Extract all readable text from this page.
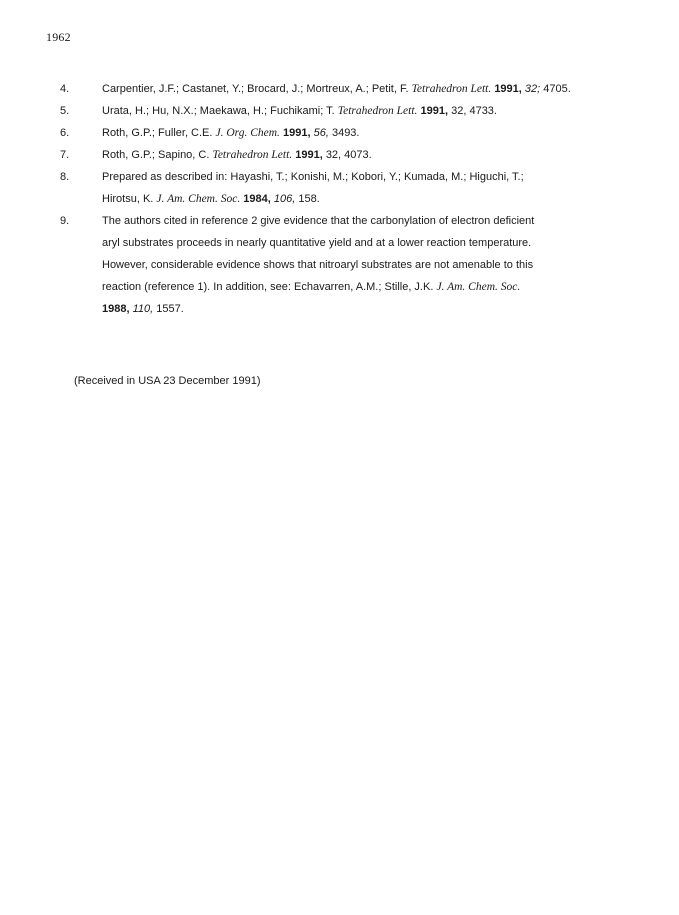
1962
4.	Carpentier, J.F.; Castanet, Y.; Brocard, J.; Mortreux, A.; Petit, F. Tetrahedron Lett. 1991, 32; 4705.
5.	Urata, H.; Hu, N.X.; Maekawa, H.; Fuchikami; T. Tetrahedron Lett. 1991, 32, 4733.
6.	Roth, G.P.; Fuller, C.E. J. Org. Chem. 1991, 56, 3493.
7.	Roth, G.P.; Sapino, C. Tetrahedron Lett. 1991, 32, 4073.
8.	Prepared as described in: Hayashi, T.; Konishi, M.; Kobori, Y.; Kumada, M.; Higuchi, T.;
Hirotsu, K. J. Am. Chem. Soc. 1984, 106, 158.
9.	The authors cited in reference 2 give evidence that the carbonylation of electron deficient
aryl substrates proceeds in nearly quantitative yield and at a lower reaction temperature.
However, considerable evidence shows that nitroaryl substrates are not amenable to this
reaction (reference 1). In addition, see: Echavarren, A.M.; Stille, J.K. J. Am. Chem. Soc.
1988, 110, 1557.
(Received in USA 23 December 1991)
